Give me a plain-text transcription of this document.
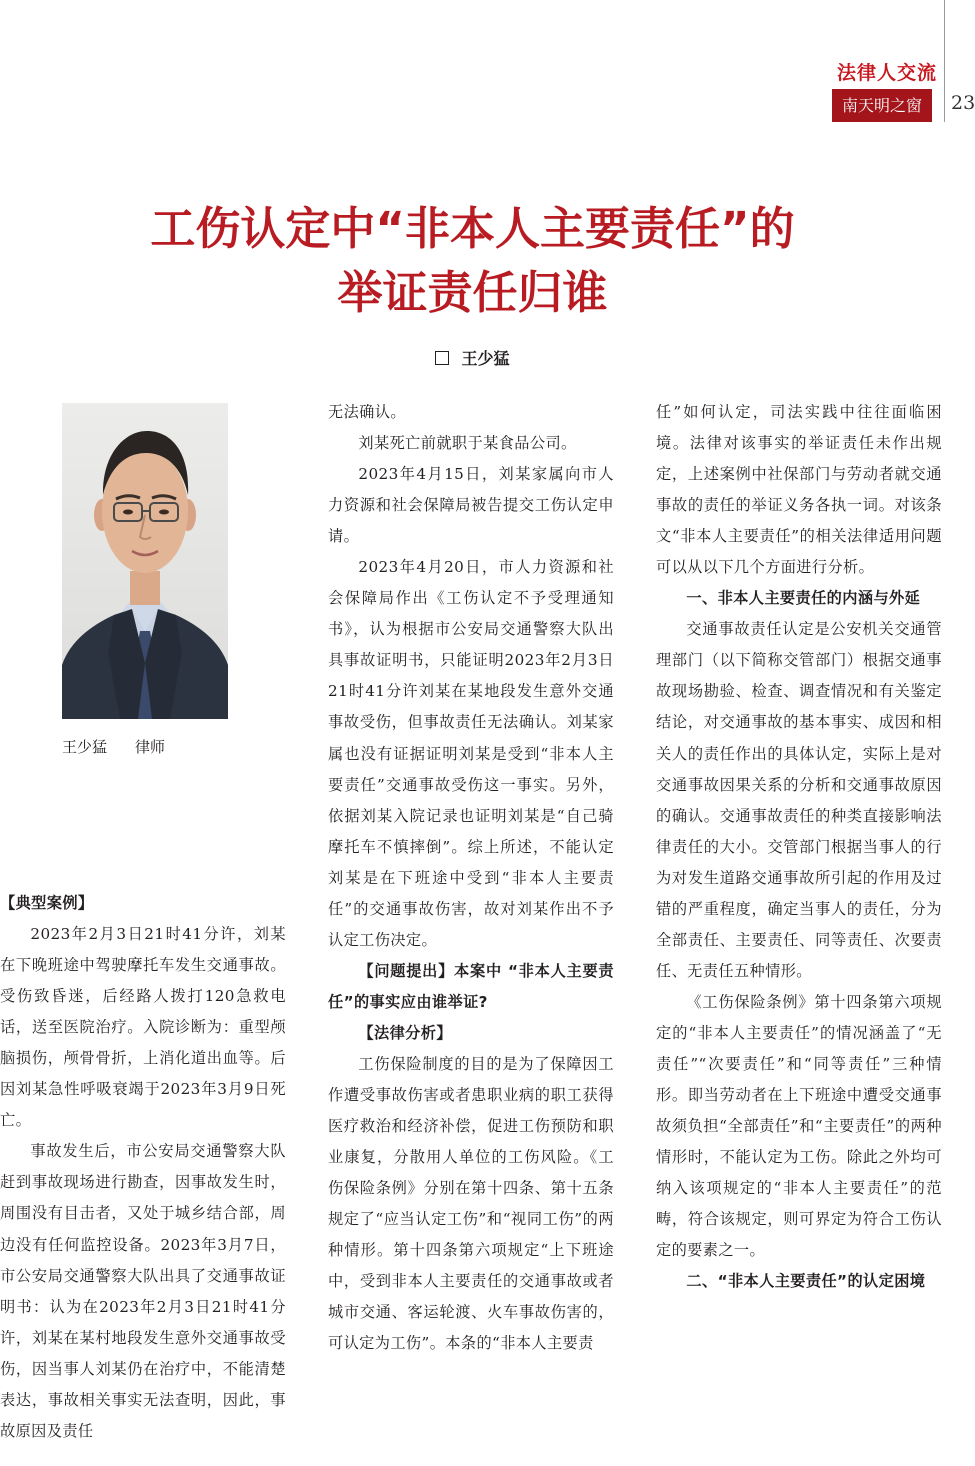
法律人交流
南天明之窗	23
工伤认定中“非本人主要责任”的
举证责任归谁
王少猛
王少猛 律师

【典型案例】

2023年2月3日21时41分许，刘某在下晚班途中驾驶摩托车发生交通事故。受伤致昏迷，后经路人拨打120急救电话，送至医院治疗。入院诊断为：重型颅脑损伤，颅骨骨折，上消化道出血等。后因刘某急性呼吸衰竭于2023年3月9日死亡。

事故发生后，市公安局交通警察大队赶到事故现场进行勘查，因事故发生时，周围没有目击者，又处于城乡结合部，周边没有任何监控设备。2023年3月7日，市公安局交通警察大队出具了交通事故证明书：认为在2023年2月3日21时41分许，刘某在某村地段发生意外交通事故受伤，因当事人刘某仍在治疗中，不能清楚表达，事故相关事实无法查明，因此，事故原因及责任

无法确认。

刘某死亡前就职于某食品公司。

2023年4月15日，刘某家属向市人力资源和社会保障局被告提交工伤认定申请。

2023年4月20日，市人力资源和社会保障局作出《工伤认定不予受理通知书》，认为根据市公安局交通警察大队出具事故证明书，只能证明2023年2月3日21时41分许刘某在某地段发生意外交通事故受伤，但事故责任无法确认。刘某家属也没有证据证明刘某是受到“非本人主要责任”交通事故受伤这一事实。另外，依据刘某入院记录也证明刘某是“自己骑摩托车不慎摔倒”。综上所述，不能认定刘某是在下班途中受到“非本人主要责任”的交通事故伤害，故对刘某作出不予认定工伤决定。

【问题提出】本案中 “非本人主要责任”的事实应由谁举证?

【法律分析】

工伤保险制度的目的是为了保障因工作遭受事故伤害或者患职业病的职工获得医疗救治和经济补偿，促进工伤预防和职业康复，分散用人单位的工伤风险。《工伤保险条例》分别在第十四条、第十五条规定了“应当认定工伤”和“视同工伤”的两种情形。第十四条第六项规定“上下班途中，受到非本人主要责任的交通事故或者城市交通、客运轮渡、火车事故伤害的，可认定为工伤”。本条的“非本人主要责

任”如何认定，司法实践中往往面临困境。法律对该事实的举证责任未作出规定，上述案例中社保部门与劳动者就交通事故的责任的举证义务各执一词。对该条文“非本人主要责任”的相关法律适用问题可以从以下几个方面进行分析。

一、非本人主要责任的内涵与外延

交通事故责任认定是公安机关交通管理部门（以下简称交管部门）根据交通事故现场勘验、检查、调查情况和有关鉴定结论，对交通事故的基本事实、成因和相关人的责任作出的具体认定，实际上是对交通事故因果关系的分析和交通事故原因的确认。交通事故责任的种类直接影响法律责任的大小。交管部门根据当事人的行为对发生道路交通事故所引起的作用及过错的严重程度，确定当事人的责任，分为全部责任、主要责任、同等责任、次要责任、无责任五种情形。

《工伤保险条例》第十四条第六项规定的“非本人主要责任”的情况涵盖了“无责任”“次要责任”和“同等责任”三种情形。即当劳动者在上下班途中遭受交通事故须负担“全部责任”和“主要责任”的两种情形时，不能认定为工伤。除此之外均可纳入该项规定的“非本人主要责任”的范畴，符合该规定，则可界定为符合工伤认定的要素之一。

二、“非本人主要责任”的认定困境
